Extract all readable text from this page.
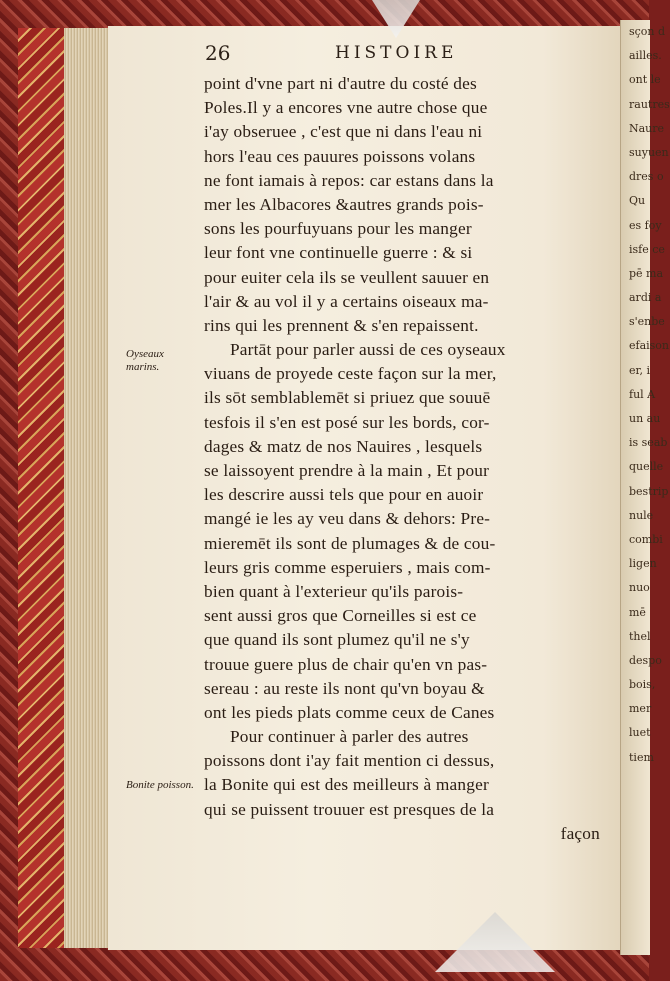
sçon d
ailles.
ont le
rautres
Naure
suyuen
dres o
Qu
es foy
isfe ce
pē ma
ardi a
s'enbe
efaison
er, i
ful A
un au
is seab
quelle
bestrip
nule
combi
ligen
nuo
mē
thel
despo
bois,
mer
luet
tiem
26	HISTOIRE
point d'vne part ni d'autre du costé des
Poles.Il y a encores vne autre chose que
i'ay obseruee , c'est que ni dans l'eau ni
hors l'eau ces pauures poissons volans
ne font iamais à repos: car estans dans la
mer les Albacores &autres grands pois-
sons les pourfuyuans pour les manger
leur font vne continuelle guerre : & si
pour euiter cela ils se veullent sauuer en
l'air & au vol il y a certains oiseaux ma-
rins qui les prennent & s'en repaissent.
Partāt pour parler aussi de ces oyseaux
viuans de proyede ceste façon sur la mer,
ils sōt semblablemēt si priuez que souuē
tesfois il s'en est posé sur les bords, cor-
dages & matz de nos Nauires , lesquels
se laissoyent prendre à la main , Et pour
les descrire aussi tels que pour en auoir
mangé ie les ay veu dans & dehors: Pre-
mieremēt ils sont de plumages & de cou-
leurs gris comme esperuiers , mais com-
bien quant à l'exterieur qu'ils parois-
sent aussi gros que Corneilles si est ce
que quand ils sont plumez qu'il ne s'y
trouue guere plus de chair qu'en vn pas-
sereau : au reste ils nont qu'vn boyau &
ont les pieds plats comme ceux de Canes
Pour continuer à parler des autres
poissons dont i'ay fait mention ci dessus,
la Bonite qui est des meilleurs à manger
qui se puissent trouuer est presques de la
façon
Oyseaux marins.
Bonite poisson.
